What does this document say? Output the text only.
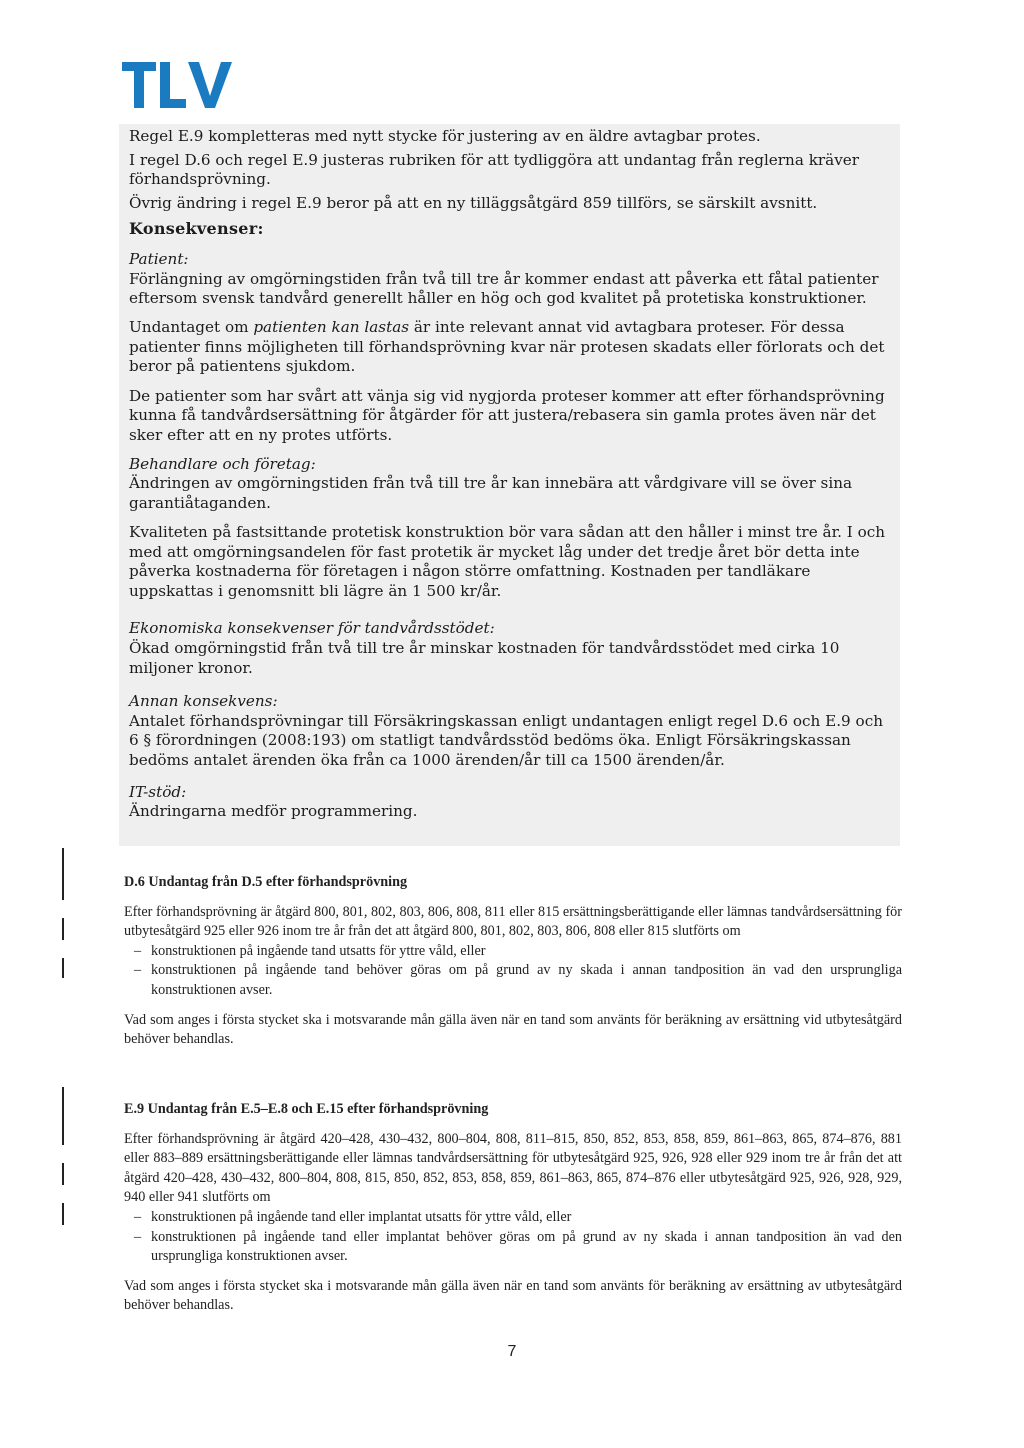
Regel E.9 kompletteras med nytt stycke för justering av en äldre avtagbar protes.

I regel D.6 och regel E.9 justeras rubriken för att tydliggöra att undantag från reglerna kräver förhandsprövning.

Övrig ändring i regel E.9 beror på att en ny tilläggsåtgärd 859 tillförs, se särskilt avsnitt.

Konsekvenser:

Patient:
Förlängning av omgörningstiden från två till tre år kommer endast att påverka ett fåtal patienter eftersom svensk tandvård generellt håller en hög och god kvalitet på protetiska konstruktioner.

Undantaget om patienten kan lastas är inte relevant annat vid avtagbara proteser. För dessa patienter finns möjligheten till förhandsprövning kvar när protesen skadats eller förlorats och det beror på patientens sjukdom.

De patienter som har svårt att vänja sig vid nygjorda proteser kommer att efter förhandsprövning kunna få tandvårdsersättning för åtgärder för att justera/rebasera sin gamla protes även när det sker efter att en ny protes utförts.

Behandlare och företag:
Ändringen av omgörningstiden från två till tre år kan innebära att vårdgivare vill se över sina garantiåtaganden.

Kvaliteten på fastsittande protetisk konstruktion bör vara sådan att den håller i minst tre år. I och med att omgörningsandelen för fast protetik är mycket låg under det tredje året bör detta inte påverka kostnaderna för företagen i någon större omfattning. Kostnaden per tandläkare uppskattas i genomsnitt bli lägre än 1 500 kr/år.

Ekonomiska konsekvenser för tandvårdsstödet:
Ökad omgörningstid från två till tre år minskar kostnaden för tandvårdsstödet med cirka 10 miljoner kronor.

Annan konsekvens:
Antalet förhandsprövningar till Försäkringskassan enligt undantagen enligt regel D.6 och E.9 och 6 § förordningen (2008:193) om statligt tandvårdsstöd bedöms öka. Enligt Försäkringskassan bedöms antalet ärenden öka från ca 1000 ärenden/år till ca 1500 ärenden/år.

IT-stöd:
Ändringarna medför programmering.

D.6 Undantag från D.5 efter förhandsprövning

Efter förhandsprövning är åtgärd 800, 801, 802, 803, 806, 808, 811 eller 815 ersättningsberättigande eller lämnas tandvårdsersättning för utbytesåtgärd 925 eller 926 inom tre år från det att åtgärd 800, 801, 802, 803, 806, 808 eller 815 slutförts om

– konstruktionen på ingående tand utsatts för yttre våld, eller
– konstruktionen på ingående tand behöver göras om på grund av ny skada i annan tandposition än vad den ursprungliga konstruktionen avser.

Vad som anges i första stycket ska i motsvarande mån gälla även när en tand som använts för beräkning av ersättning vid utbytesåtgärd behöver behandlas.

E.9 Undantag från E.5–E.8 och E.15 efter förhandsprövning

Efter förhandsprövning är åtgärd 420–428, 430–432, 800–804, 808, 811–815, 850, 852, 853, 858, 859, 861–863, 865, 874–876, 881 eller 883–889 ersättningsberättigande eller lämnas tandvårdsersättning för utbytesåtgärd 925, 926, 928 eller 929 inom tre år från det att åtgärd 420–428, 430–432, 800–804, 808, 815, 850, 852, 853, 858, 859, 861–863, 865, 874–876 eller utbytesåtgärd 925, 926, 928, 929, 940 eller 941 slutförts om

– konstruktionen på ingående tand eller implantat utsatts för yttre våld, eller
– konstruktionen på ingående tand eller implantat behöver göras om på grund av ny skada i annan tandposition än vad den ursprungliga konstruktionen avser.

Vad som anges i första stycket ska i motsvarande mån gälla även när en tand som använts för beräkning av ersättning av utbytesåtgärd behöver behandlas.

7
